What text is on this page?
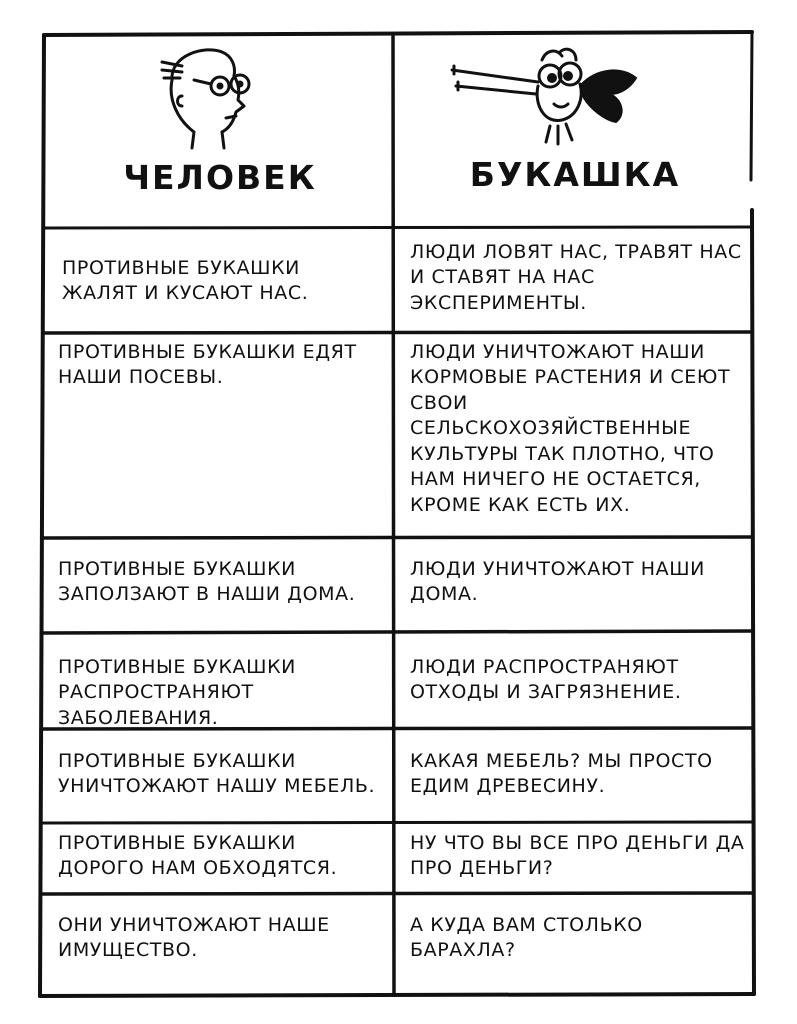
ЧЕЛОВЕК	БУКАШКА
ПРОТИВНЫЕ БУКАШКИ ЖАЛЯТ И КУСАЮТ НАС.
ЛЮДИ ЛОВЯТ НАС, ТРАВЯТ НАС И СТАВЯТ НА НАС ЭКСПЕРИМЕНТЫ.
ПРОТИВНЫЕ БУКАШКИ ЕДЯТ НАШИ ПОСЕВЫ.
ЛЮДИ УНИЧТОЖАЮТ НАШИ КОРМОВЫЕ РАСТЕНИЯ И СЕЮТ СВОИ СЕЛЬСКОХОЗЯЙСТВЕННЫЕ КУЛЬТУРЫ ТАК ПЛОТНО, ЧТО НАМ НИЧЕГО НЕ ОСТАЕТСЯ, КРОМЕ КАК ЕСТЬ ИХ.
ПРОТИВНЫЕ БУКАШКИ ЗАПОЛЗАЮТ В НАШИ ДОМА.
ЛЮДИ УНИЧТОЖАЮТ НАШИ ДОМА.
ПРОТИВНЫЕ БУКАШКИ РАСПРОСТРАНЯЮТ ЗАБОЛЕВАНИЯ.
ЛЮДИ РАСПРОСТРАНЯЮТ ОТХОДЫ И ЗАГРЯЗНЕНИЕ.
ПРОТИВНЫЕ БУКАШКИ УНИЧТОЖАЮТ НАШУ МЕБЕЛЬ.
КАКАЯ МЕБЕЛЬ? МЫ ПРОСТО ЕДИМ ДРЕВЕСИНУ.
ПРОТИВНЫЕ БУКАШКИ ДОРОГО НАМ ОБХОДЯТСЯ.
НУ ЧТО ВЫ ВСЕ ПРО ДЕНЬГИ ДА ПРО ДЕНЬГИ?
ОНИ УНИЧТОЖАЮТ НАШЕ ИМУЩЕСТВО.
А КУДА ВАМ СТОЛЬКО БАРАХЛА?
